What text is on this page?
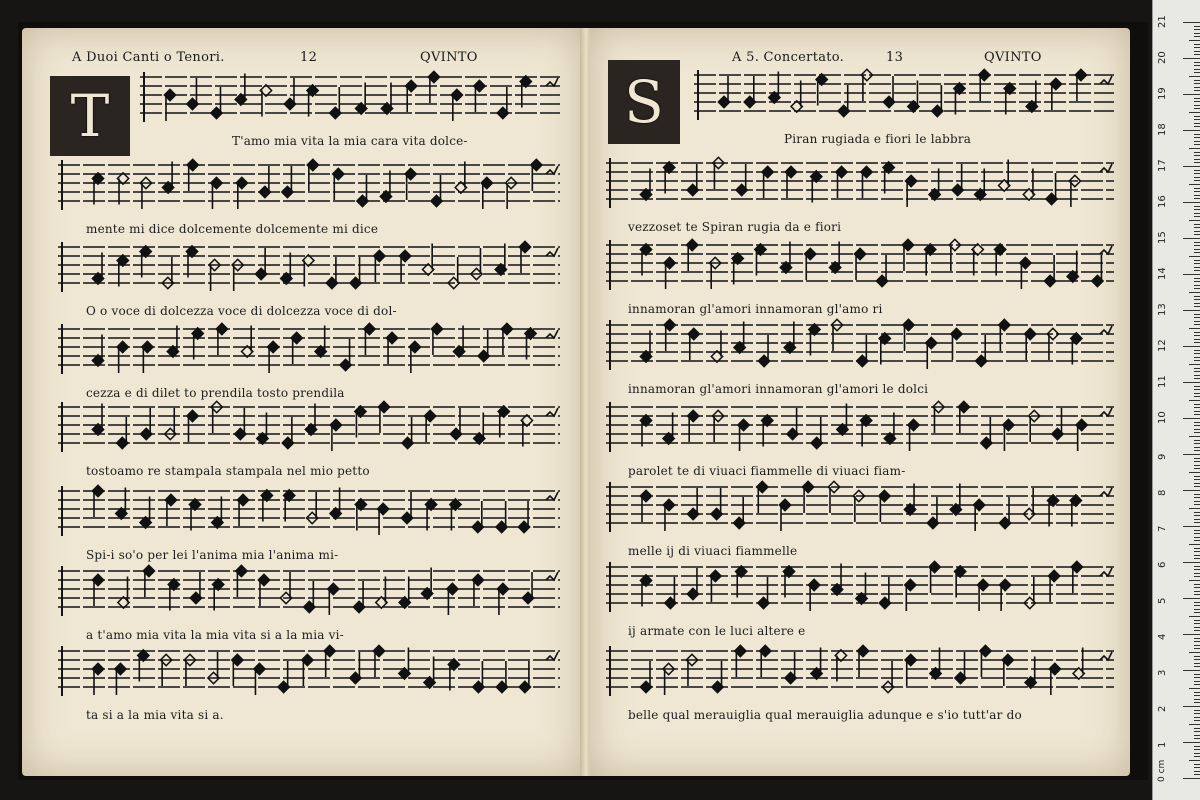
A Duoi Canti o Tenori.	12	QVINTO
T
A 5. Concertato.	13	QVINTO
S
T'amo mia vita la mia cara vita dolce-
mente mi dice dolcemente dolcemente mi dice
O o voce di dolcezza voce di dolcezza voce di dol-
cezza e di dilet to prendila tosto prendila
tostoamo re stampala stampala nel mio petto
Spi-i so'o per lei l'anima mia l'anima mi-
a t'amo mia vita la mia vita si a la mia vi-
ta si a la mia vita si a.
Piran rugiada e fiori le labbra
vezzoset te Spiran rugia da e fiori
innamoran gl'amori innamoran gl'amo ri
innamoran gl'amori innamoran gl'amori le dolci
parolet te di viuaci fiammelle di viuaci fiam-
melle ij di viuaci fiammelle
ij armate con le luci altere e
belle qual merauiglia qual merauiglia adunque e s'io tutt'ar do
0 cm
1
2
3
4
5
6
7
8
9
10
11
12
13
14
15
16
17
18
19
20
21
